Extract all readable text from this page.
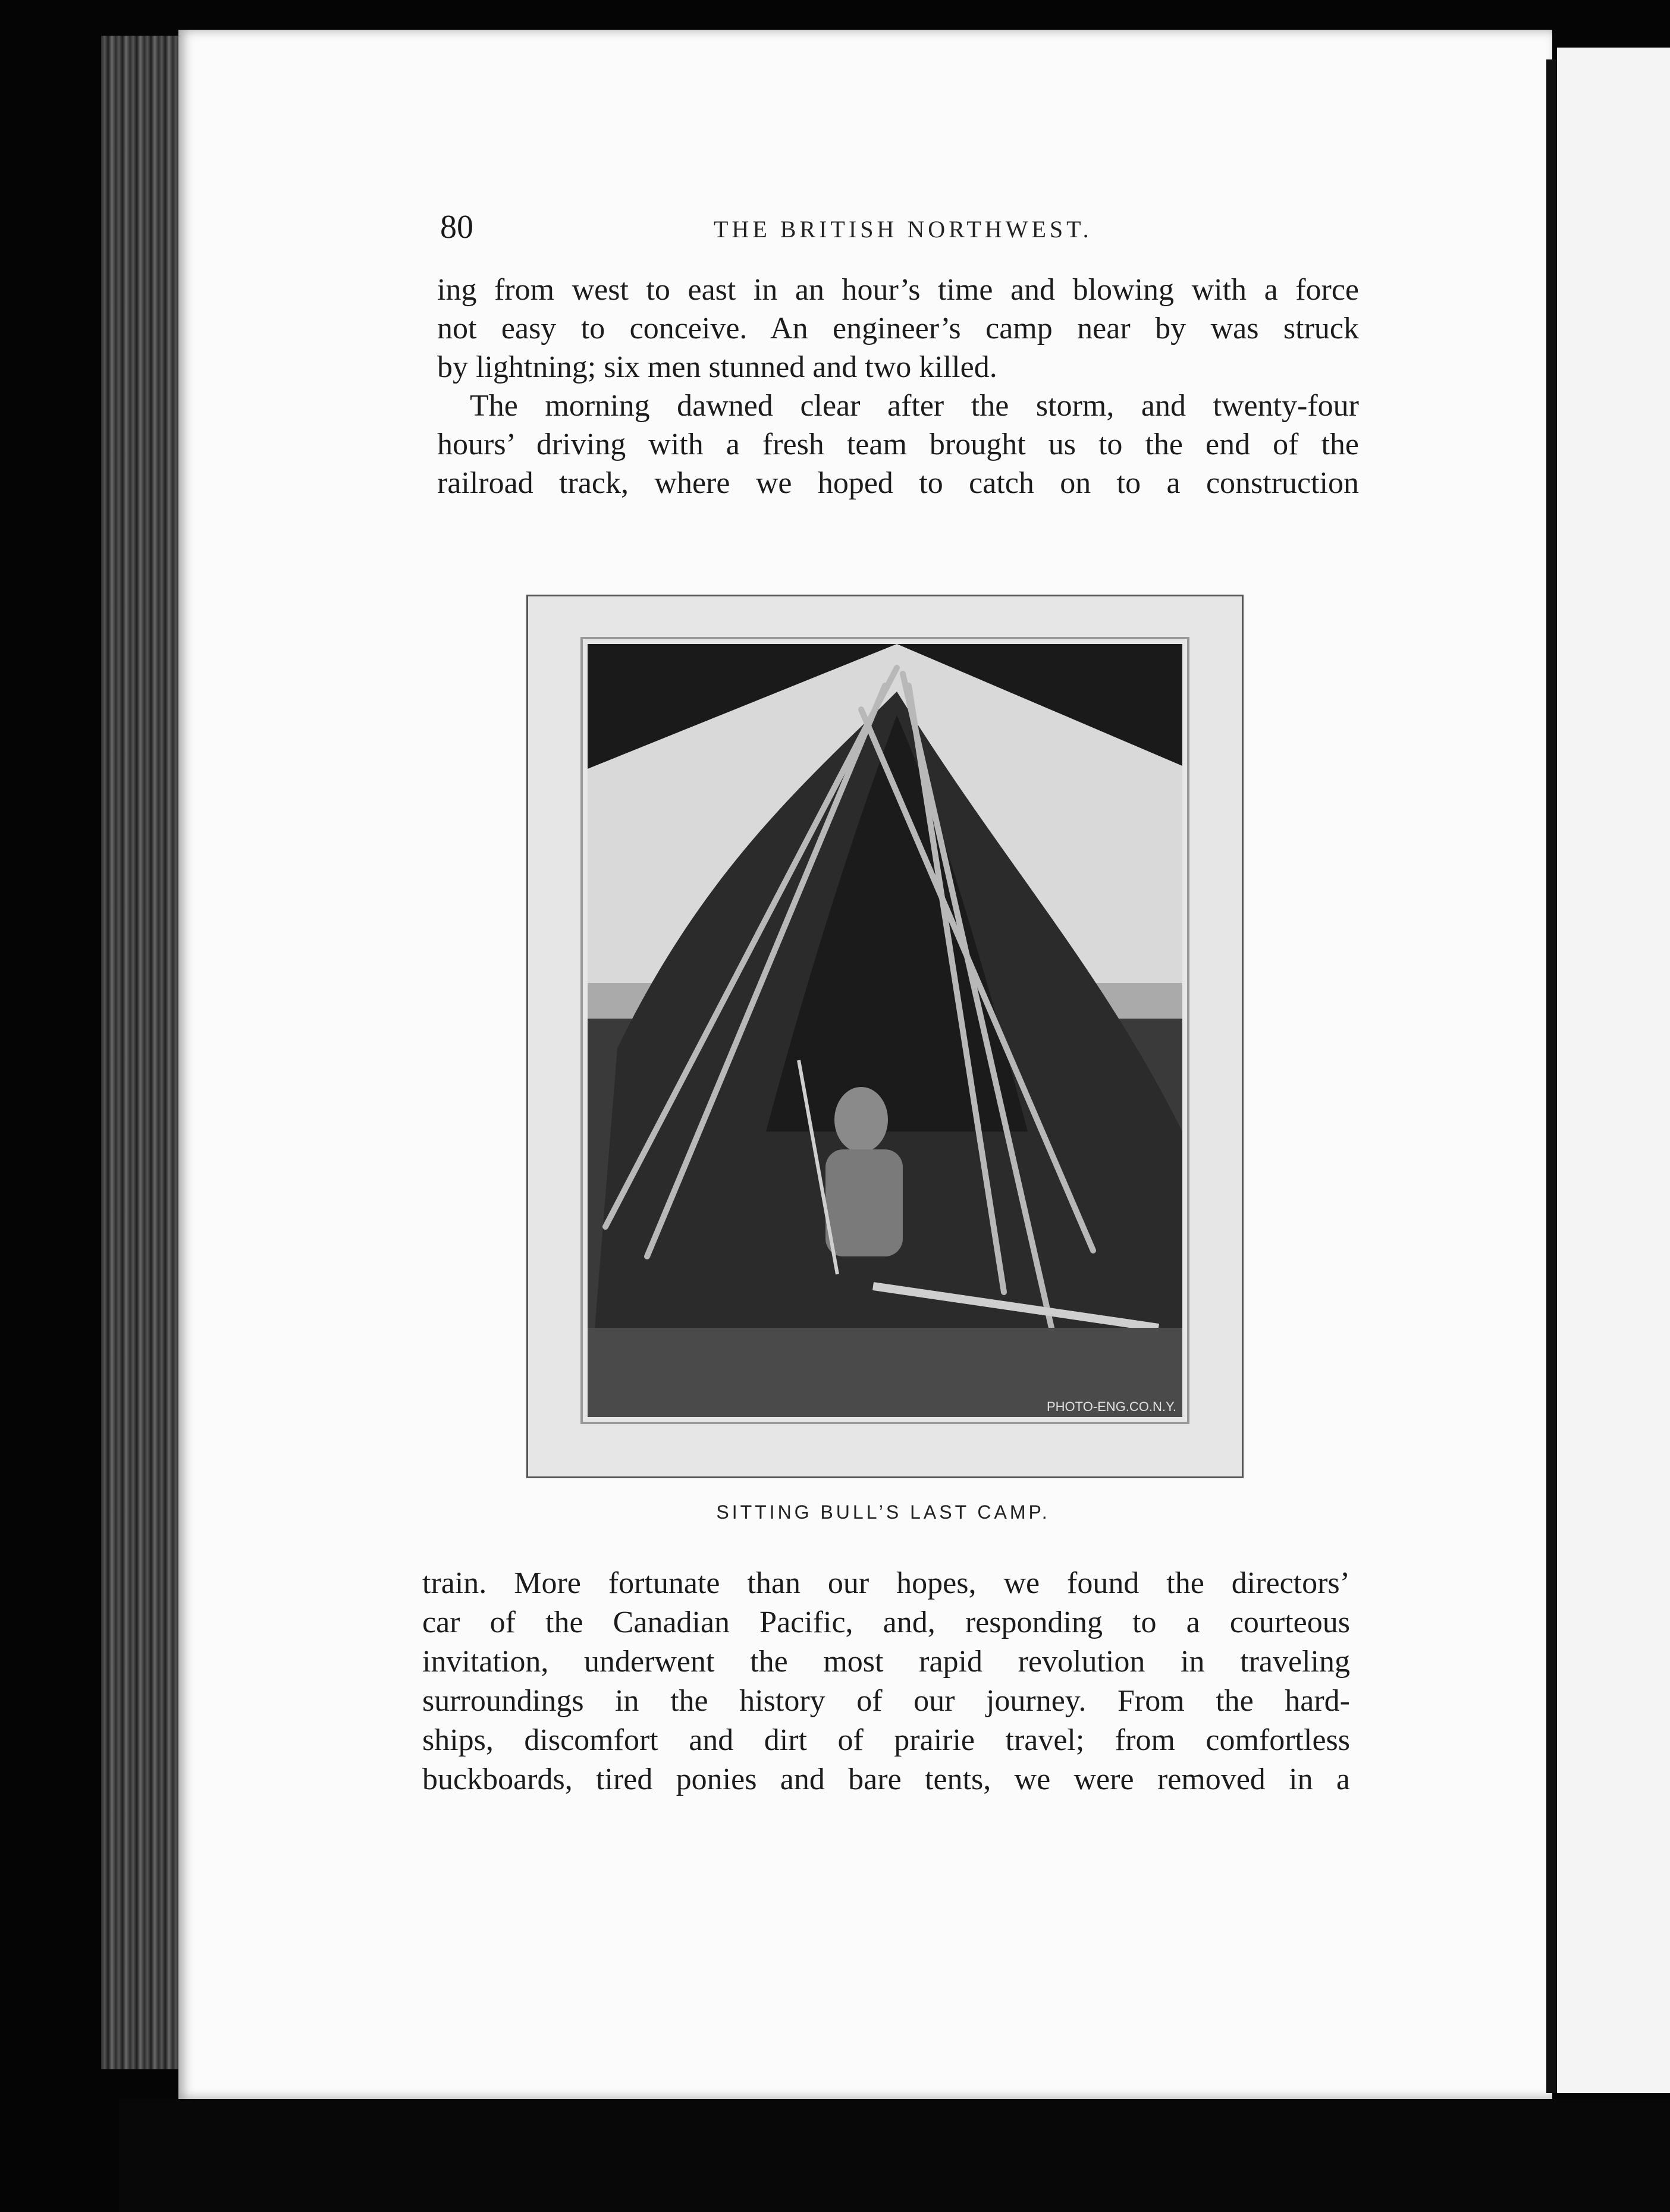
80	THE BRITISH NORTHWEST.

ing from west to east in an hour’s time and blowing with a force
not easy to conceive. An engineer’s camp near by was struck
by lightning; six men stunned and two killed.

The morning dawned clear after the storm, and twenty-four
hours’ driving with a fresh team brought us to the end of the
railroad track, where we hoped to catch on to a construction

PHOTO-ENG.CO.N.Y.
SITTING BULL’S LAST CAMP.

train. More fortunate than our hopes, we found the directors’
car of the Canadian Pacific, and, responding to a courteous
invitation, underwent the most rapid revolution in traveling
surroundings in the history of our journey. From the hard-
ships, discomfort and dirt of prairie travel; from comfortless
buckboards, tired ponies and bare tents, we were removed in a
